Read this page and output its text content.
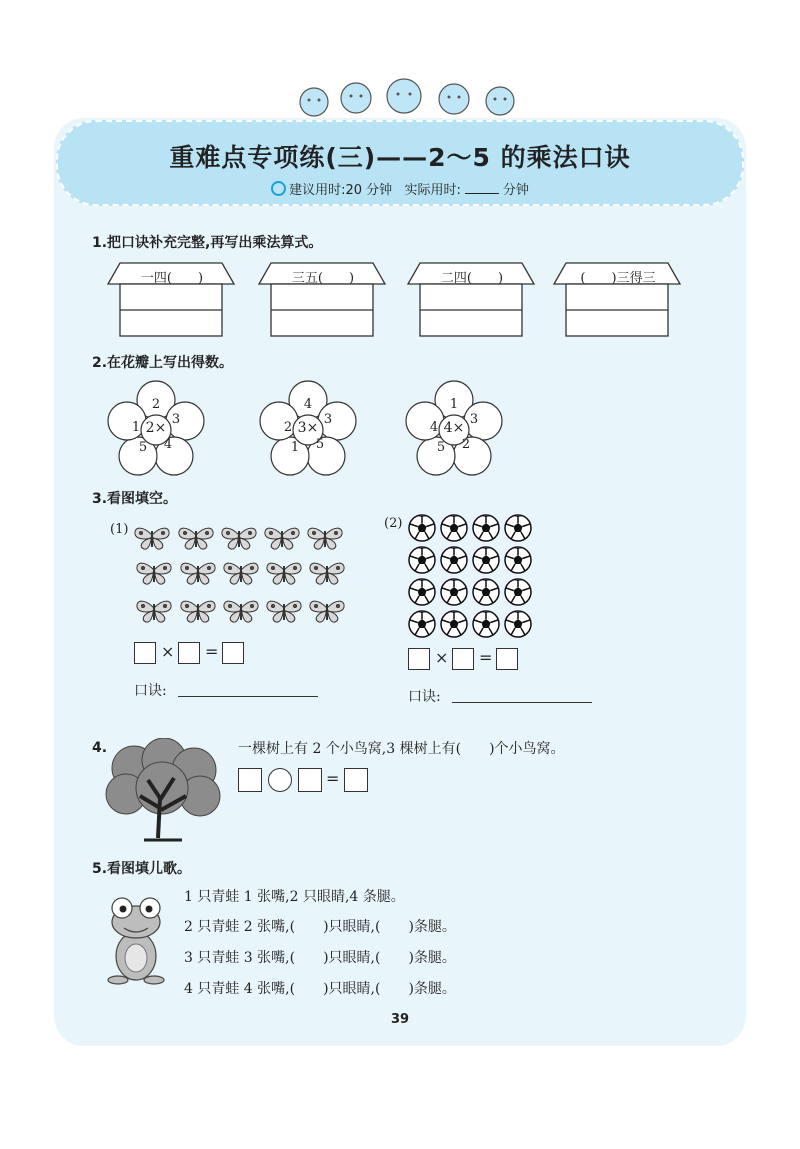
重难点专项练(三)——2～5 的乘法口诀
建议用时:20 分钟 实际用时:	分钟
1.把口诀补充完整,再写出乘法算式。
一四(　　)	三五(　　)	二四(　　)	(　　)三得三
2.在花瓣上写出得数。
2
3
4
5
1 2×
4
3
5
1
2 3×
1
3
2
5
4 4×
3.看图填空。
(1)	(2)
× =
口诀:
× =
口诀:
4.	一棵树上有 2 个小鸟窝,3 棵树上有(　　)个小鸟窝。
=
5.看图填儿歌。
1 只青蛙 1 张嘴,2 只眼睛,4 条腿。
2 只青蛙 2 张嘴,(　　)只眼睛,(　　)条腿。
3 只青蛙 3 张嘴,(　　)只眼睛,(　　)条腿。
4 只青蛙 4 张嘴,(　　)只眼睛,(　　)条腿。
39
